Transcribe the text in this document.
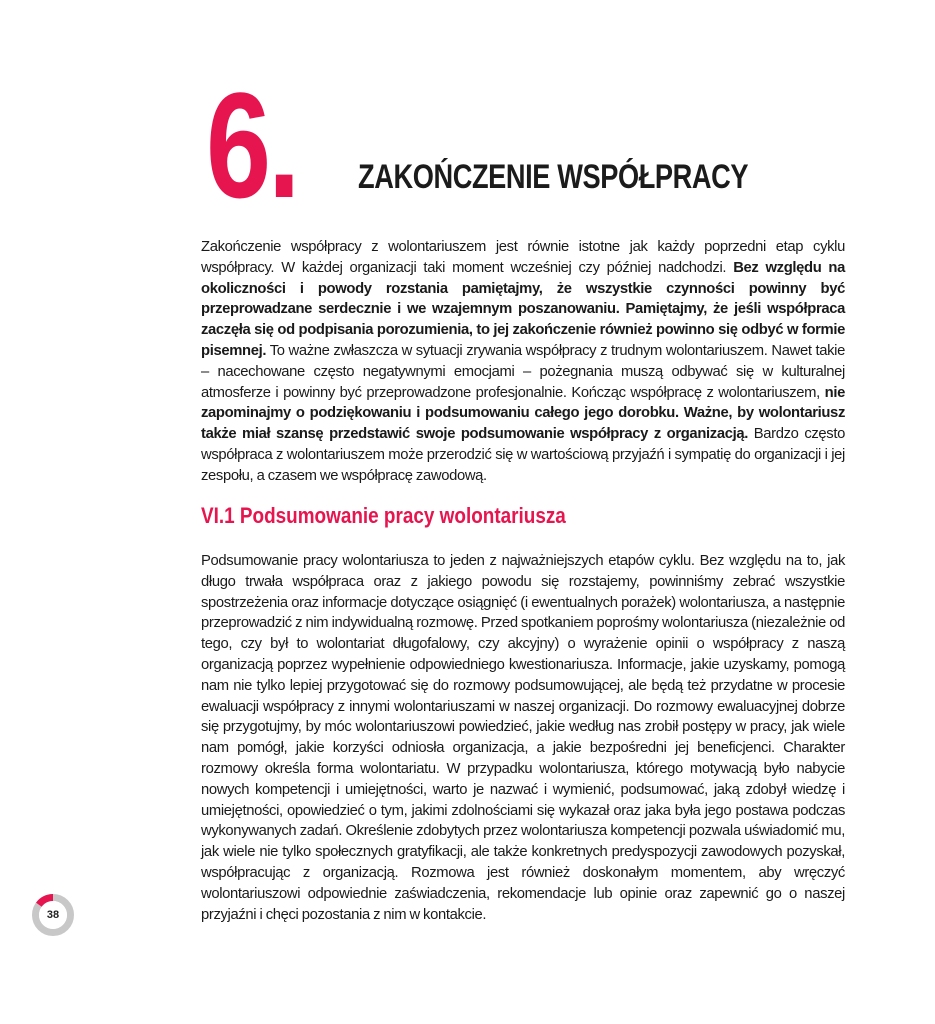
6. ZAKOŃCZENIE WSPÓŁPRACY

Zakończenie współpracy z wolontariuszem jest równie istotne jak każdy poprzedni etap cyklu współpracy. W każdej organizacji taki moment wcześniej czy później nadchodzi. Bez względu na okoliczności i powody rozstania pamiętajmy, że wszystkie czynności powinny być przeprowadzane serdecznie i we wzajemnym poszanowaniu. Pamiętajmy, że jeśli współpraca zaczęła się od podpisania porozumienia, to jej zakończenie również powinno się odbyć w formie pisemnej. To ważne zwłaszcza w sytuacji zrywania współpracy z trudnym wolontariuszem. Nawet takie – nacechowane często negatywnymi emocjami – pożegnania muszą odbywać się w kulturalnej atmosferze i powinny być przeprowadzone profesjonalnie. Kończąc współpracę z wolontariuszem, nie zapominajmy o podziękowaniu i podsumowaniu całego jego dorobku. Ważne, by wolontariusz także miał szansę przedstawić swoje podsumowanie współpracy z organizacją. Bardzo często współpraca z wolontariuszem może przerodzić się w wartościową przyjaźń i sympatię do organizacji i jej zespołu, a czasem we współpracę zawodową.

VI.1 Podsumowanie pracy wolontariusza

Podsumowanie pracy wolontariusza to jeden z najważniejszych etapów cyklu. Bez względu na to, jak długo trwała współpraca oraz z jakiego powodu się rozstajemy, powinniśmy zebrać wszystkie spostrzeżenia oraz informacje dotyczące osiągnięć (i ewentualnych porażek) wolontariusza, a następnie przeprowadzić z nim indywidualną rozmowę. Przed spotkaniem poprośmy wolontariusza (niezależnie od tego, czy był to wolontariat długofalowy, czy akcyjny) o wyrażenie opinii o współpracy z naszą organizacją poprzez wypełnienie odpowiedniego kwestionariusza. Informacje, jakie uzyskamy, pomogą nam nie tylko lepiej przygotować się do rozmowy podsumowującej, ale będą też przydatne w procesie ewaluacji współpracy z innymi wolontariuszami w naszej organizacji. Do rozmowy ewaluacyjnej dobrze się przygotujmy, by móc wolontariuszowi powiedzieć, jakie według nas zrobił postępy w pracy, jak wiele nam pomógł, jakie korzyści odniosła organizacja, a jakie bezpośredni jej beneficjenci. Charakter rozmowy określa forma wolontariatu. W przypadku wolontariusza, którego motywacją było nabycie nowych kompetencji i umiejętności, warto je nazwać i wymienić, podsumować, jaką zdobył wiedzę i umiejętności, opowiedzieć o tym, jakimi zdolnościami się wykazał oraz jaka była jego postawa podczas wykonywanych zadań. Określenie zdobytych przez wolontariusza kompetencji pozwala uświadomić mu, jak wiele nie tylko społecznych gratyfikacji, ale także konkretnych predyspozycji zawodowych pozyskał, współpracując z organizacją. Rozmowa jest również doskonałym momentem, aby wręczyć wolontariuszowi odpowiednie zaświadczenia, rekomendacje lub opinie oraz zapewnić go o naszej przyjaźni i chęci pozostania z nim w kontakcie.

38
